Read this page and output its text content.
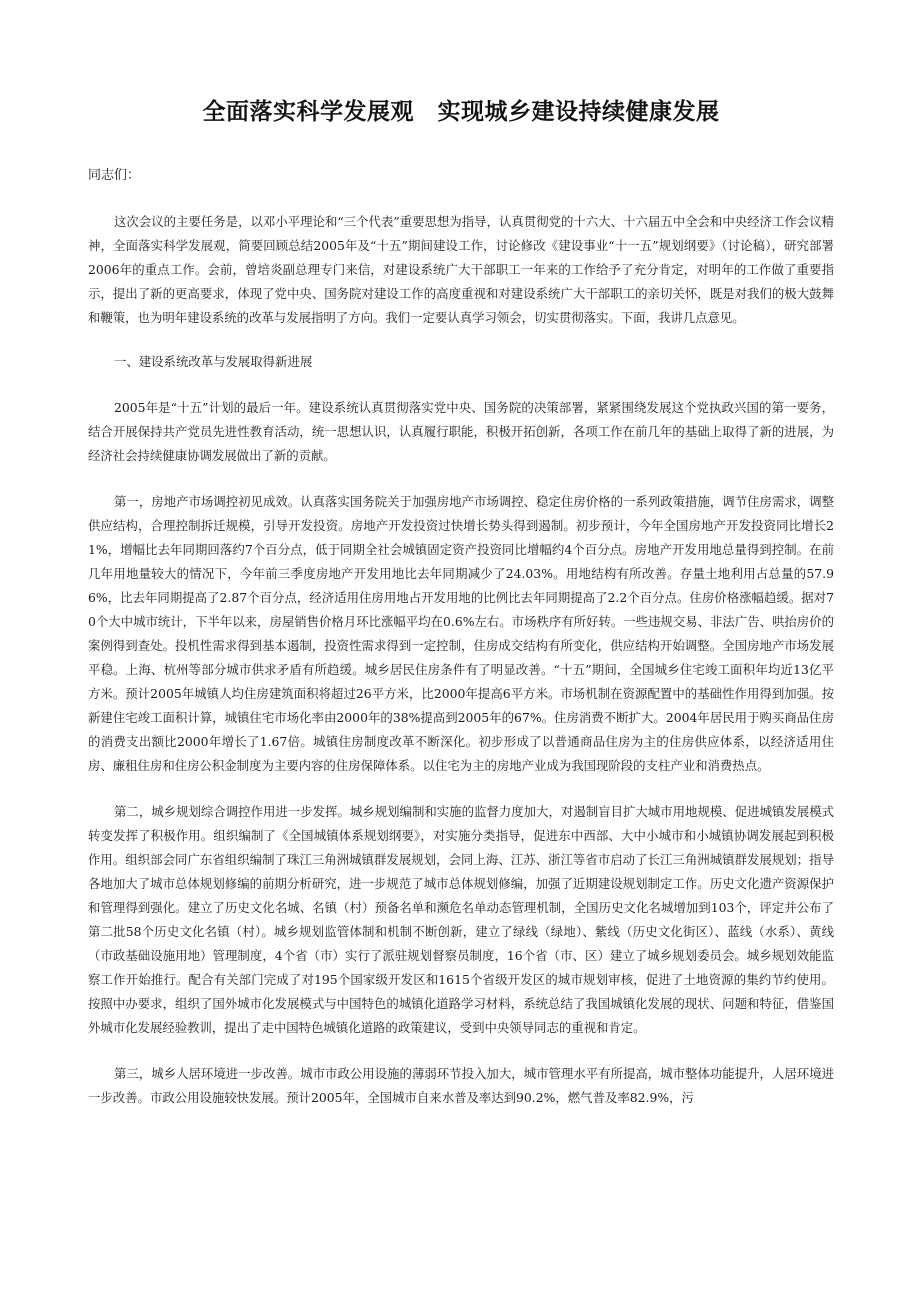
全面落实科学发展观　实现城乡建设持续健康发展
同志们：

这次会议的主要任务是，以邓小平理论和“三个代表”重要思想为指导，认真贯彻党的十六大、十六届五中全会和中央经济工作会议精神，全面落实科学发展观，简要回顾总结2005年及“十五”期间建设工作，讨论修改《建设事业“十一五”规划纲要》（讨论稿），研究部署2006年的重点工作。会前，曾培炎副总理专门来信，对建设系统广大干部职工一年来的工作给予了充分肯定，对明年的工作做了重要指示，提出了新的更高要求，体现了党中央、国务院对建设工作的高度重视和对建设系统广大干部职工的亲切关怀，既是对我们的极大鼓舞和鞭策，也为明年建设系统的改革与发展指明了方向。我们一定要认真学习领会，切实贯彻落实。下面，我讲几点意见。

一、建设系统改革与发展取得新进展

2005年是“十五”计划的最后一年。建设系统认真贯彻落实党中央、国务院的决策部署，紧紧围绕发展这个党执政兴国的第一要务，结合开展保持共产党员先进性教育活动，统一思想认识，认真履行职能，积极开拓创新，各项工作在前几年的基础上取得了新的进展，为经济社会持续健康协调发展做出了新的贡献。

第一，房地产市场调控初见成效。认真落实国务院关于加强房地产市场调控、稳定住房价格的一系列政策措施，调节住房需求，调整供应结构，合理控制拆迁规模，引导开发投资。房地产开发投资过快增长势头得到遏制。初步预计，今年全国房地产开发投资同比增长21%，增幅比去年同期回落约7个百分点，低于同期全社会城镇固定资产投资同比增幅约4个百分点。房地产开发用地总量得到控制。在前几年用地量较大的情况下，今年前三季度房地产开发用地比去年同期减少了24.03%。用地结构有所改善。存量土地利用占总量的57.96%，比去年同期提高了2.87个百分点，经济适用住房用地占开发用地的比例比去年同期提高了2.2个百分点。住房价格涨幅趋缓。据对70个大中城市统计，下半年以来，房屋销售价格月环比涨幅平均在0.6%左右。市场秩序有所好转。一些违规交易、非法广告、哄抬房价的案例得到查处。投机性需求得到基本遏制，投资性需求得到一定控制，住房成交结构有所变化，供应结构开始调整。全国房地产市场发展平稳。上海、杭州等部分城市供求矛盾有所趋缓。城乡居民住房条件有了明显改善。“十五”期间，全国城乡住宅竣工面积年均近13亿平方米。预计2005年城镇人均住房建筑面积将超过26平方米，比2000年提高6平方米。市场机制在资源配置中的基础性作用得到加强。按新建住宅竣工面积计算，城镇住宅市场化率由2000年的38%提高到2005年的67%。住房消费不断扩大。2004年居民用于购买商品住房的消费支出额比2000年增长了1.67倍。城镇住房制度改革不断深化。初步形成了以普通商品住房为主的住房供应体系，以经济适用住房、廉租住房和住房公积金制度为主要内容的住房保障体系。以住宅为主的房地产业成为我国现阶段的支柱产业和消费热点。

第二，城乡规划综合调控作用进一步发挥。城乡规划编制和实施的监督力度加大，对遏制盲目扩大城市用地规模、促进城镇发展模式转变发挥了积极作用。组织编制了《全国城镇体系规划纲要》，对实施分类指导，促进东中西部、大中小城市和小城镇协调发展起到积极作用。组织部会同广东省组织编制了珠江三角洲城镇群发展规划，会同上海、江苏、浙江等省市启动了长江三角洲城镇群发展规划；指导各地加大了城市总体规划修编的前期分析研究，进一步规范了城市总体规划修编，加强了近期建设规划制定工作。历史文化遗产资源保护和管理得到强化。建立了历史文化名城、名镇（村）预备名单和濒危名单动态管理机制，全国历史文化名城增加到103个，评定并公布了第二批58个历史文化名镇（村）。城乡规划监管体制和机制不断创新，建立了绿线（绿地）、紫线（历史文化街区）、蓝线（水系）、黄线（市政基础设施用地）管理制度，4个省（市）实行了派驻规划督察员制度，16个省（市、区）建立了城乡规划委员会。城乡规划效能监察工作开始推行。配合有关部门完成了对195个国家级开发区和1615个省级开发区的城市规划审核，促进了土地资源的集约节约使用。按照中办要求，组织了国外城市化发展模式与中国特色的城镇化道路学习材料，系统总结了我国城镇化发展的现状、问题和特征，借鉴国外城市化发展经验教训，提出了走中国特色城镇化道路的政策建议，受到中央领导同志的重视和肯定。

第三，城乡人居环境进一步改善。城市市政公用设施的薄弱环节投入加大，城市管理水平有所提高，城市整体功能提升，人居环境进一步改善。市政公用设施较快发展。预计2005年，全国城市自来水普及率达到90.2%，燃气普及率82.9%，污
